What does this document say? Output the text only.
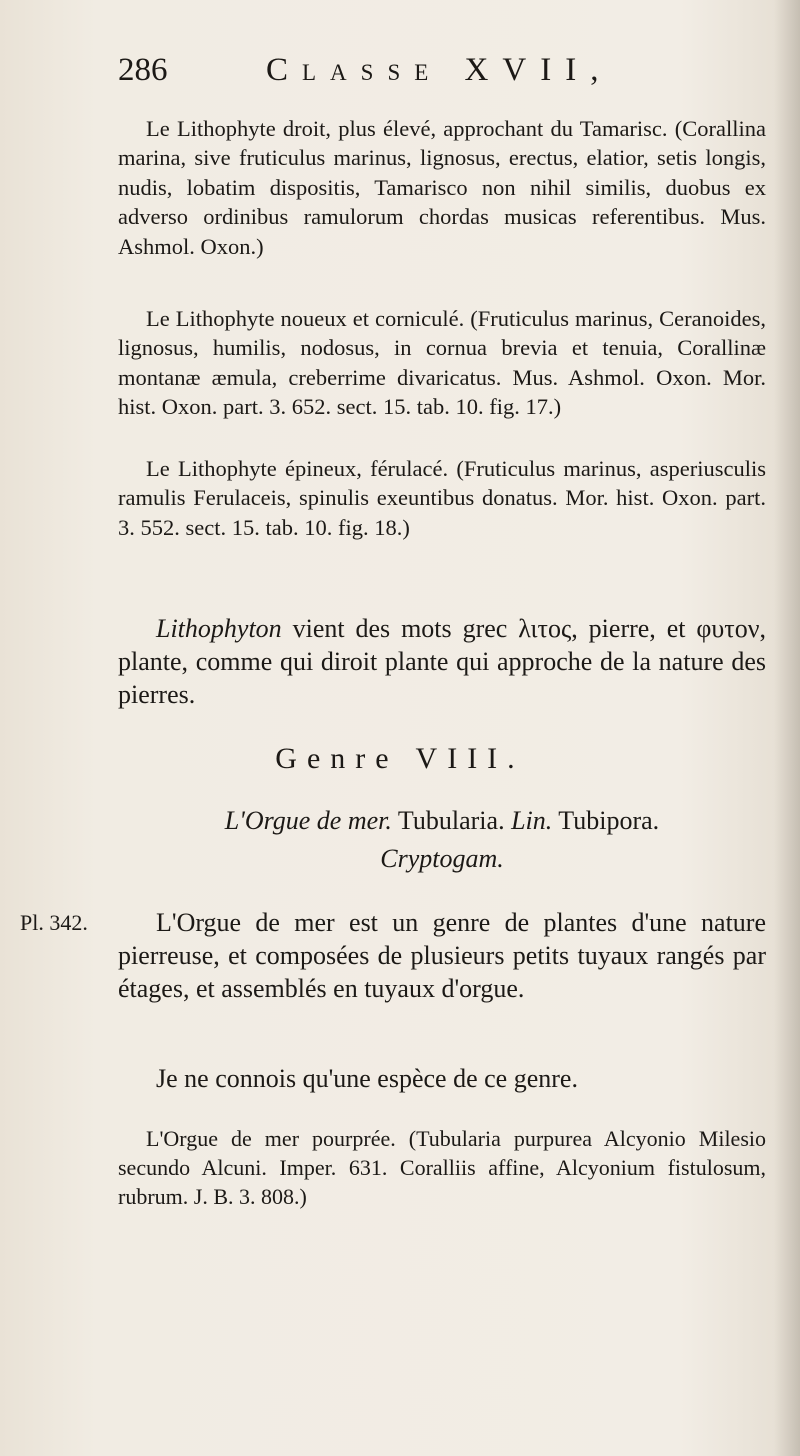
286	Classe XVII,

Le Lithophyte droit, plus élevé, approchant du Tamarisc. (Corallina marina, sive fruticulus marinus, lignosus, erectus, elatior, setis longis, nudis, lobatim dispositis, Tamarisco non nihil similis, duobus ex adverso ordinibus ramulorum chordas musicas referentibus. Mus. Ashmol. Oxon.)

Le Lithophyte noueux et corniculé. (Fruticulus marinus, Ceranoides, lignosus, humilis, nodosus, in cornua brevia et tenuia, Corallinæ montanæ æmula, creberrime divaricatus. Mus. Ashmol. Oxon. Mor. hist. Oxon. part. 3. 652. sect. 15. tab. 10. fig. 17.)

Le Lithophyte épineux, férulacé. (Fruticulus marinus, asperiusculis ramulis Ferulaceis, spinulis exeuntibus donatus. Mor. hist. Oxon. part. 3. 552. sect. 15. tab. 10. fig. 18.)

Lithophyton vient des mots grec λιτος, pierre, et φυτον, plante, comme qui diroit plante qui approche de la nature des pierres.

Genre VIII.
L'Orgue de mer. Tubularia. Lin. Tubipora.
Cryptogam.
Pl. 342.	L'Orgue de mer est un genre de plantes d'une nature pierreuse, et composées de plusieurs petits tuyaux rangés par étages, et assemblés en tuyaux d'orgue.

Je ne connois qu'une espèce de ce genre.

L'Orgue de mer pourprée. (Tubularia purpurea Alcyonio Milesio secundo Alcuni. Imper. 631. Coralliis affine, Alcyonium fistulosum, rubrum. J. B. 3. 808.)
